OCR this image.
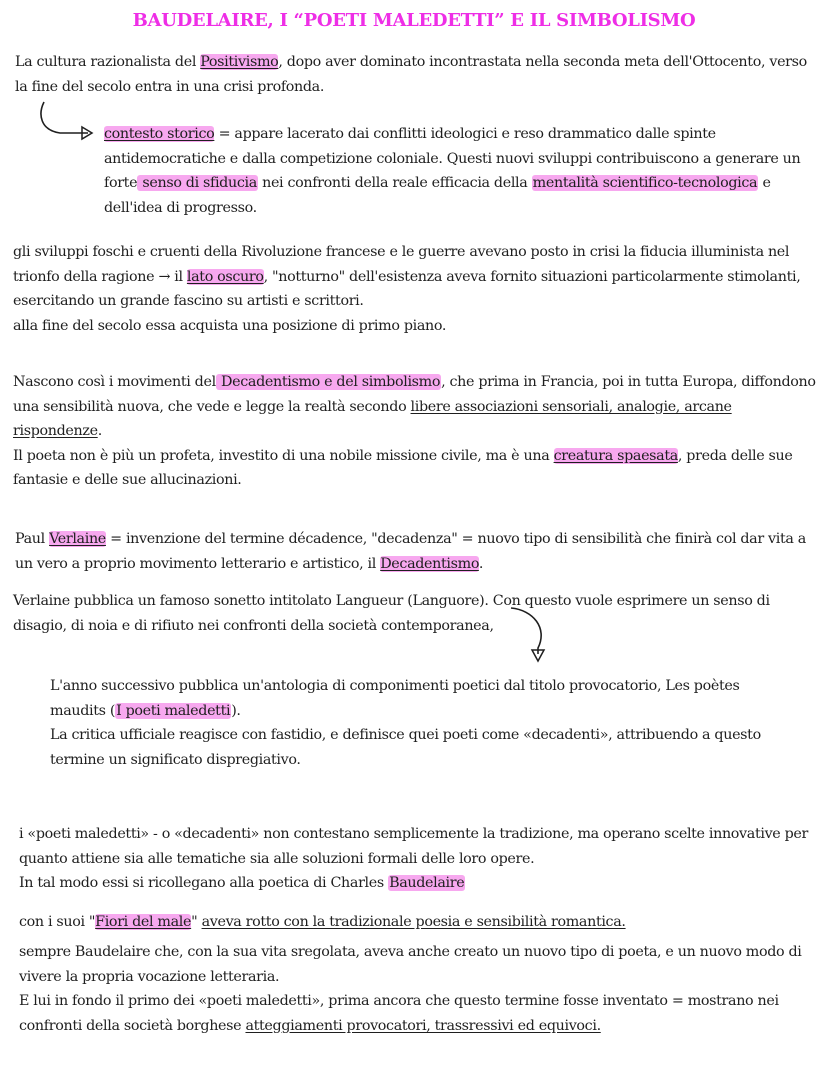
BAUDELAIRE, I “POETI MALEDETTI” E IL SIMBOLISMO
La cultura razionalista del Positivismo, dopo aver dominato incontrastata nella seconda meta dell'Ottocento, verso la fine del secolo entra in una crisi profonda.
contesto storico = appare lacerato dai conflitti ideologici e reso drammatico dalle spinte antidemocratiche e dalla competizione coloniale. Questi nuovi sviluppi contribuiscono a generare un forte senso di sfiducia nei confronti della reale efficacia della mentalità scientifico-tecnologica e dell'idea di progresso.
gli sviluppi foschi e cruenti della Rivoluzione francese e le guerre avevano posto in crisi la fiducia illuminista nel trionfo della ragione → il lato oscuro, "notturno" dell'esistenza aveva fornito situazioni particolarmente stimolanti, esercitando un grande fascino su artisti e scrittori.
alla fine del secolo essa acquista una posizione di primo piano.
Nascono così i movimenti del Decadentismo e del simbolismo, che prima in Francia, poi in tutta Europa, diffondono una sensibilità nuova, che vede e legge la realtà secondo libere associazioni sensoriali, analogie, arcane rispondenze.
Il poeta non è più un profeta, investito di una nobile missione civile, ma è una creatura spaesata, preda delle sue fantasie e delle sue allucinazioni.
Paul Verlaine = invenzione del termine décadence, "decadenza" = nuovo tipo di sensibilità che finirà col dar vita a un vero a proprio movimento letterario e artistico, il Decadentismo.
Verlaine pubblica un famoso sonetto intitolato Langueur (Languore). Con questo vuole esprimere un senso di disagio, di noia e di rifiuto nei confronti della società contemporanea,
L'anno successivo pubblica un'antologia di componimenti poetici dal titolo provocatorio, Les poètes maudits (I poeti maledetti).
La critica ufficiale reagisce con fastidio, e definisce quei poeti come «decadenti», attribuendo a questo termine un significato dispregiativo.
i «poeti maledetti» - o «decadenti» non contestano semplicemente la tradizione, ma operano scelte innovative per quanto attiene sia alle tematiche sia alle soluzioni formali delle loro opere.
In tal modo essi si ricollegano alla poetica di Charles Baudelaire
con i suoi "Fiori del male" aveva rotto con la tradizionale poesia e sensibilità romantica.
sempre Baudelaire che, con la sua vita sregolata, aveva anche creato un nuovo tipo di poeta, e un nuovo modo di vivere la propria vocazione letteraria.
E lui in fondo il primo dei «poeti maledetti», prima ancora che questo termine fosse inventato = mostrano nei confronti della società borghese atteggiamenti provocatori, trassressivi ed equivoci.
